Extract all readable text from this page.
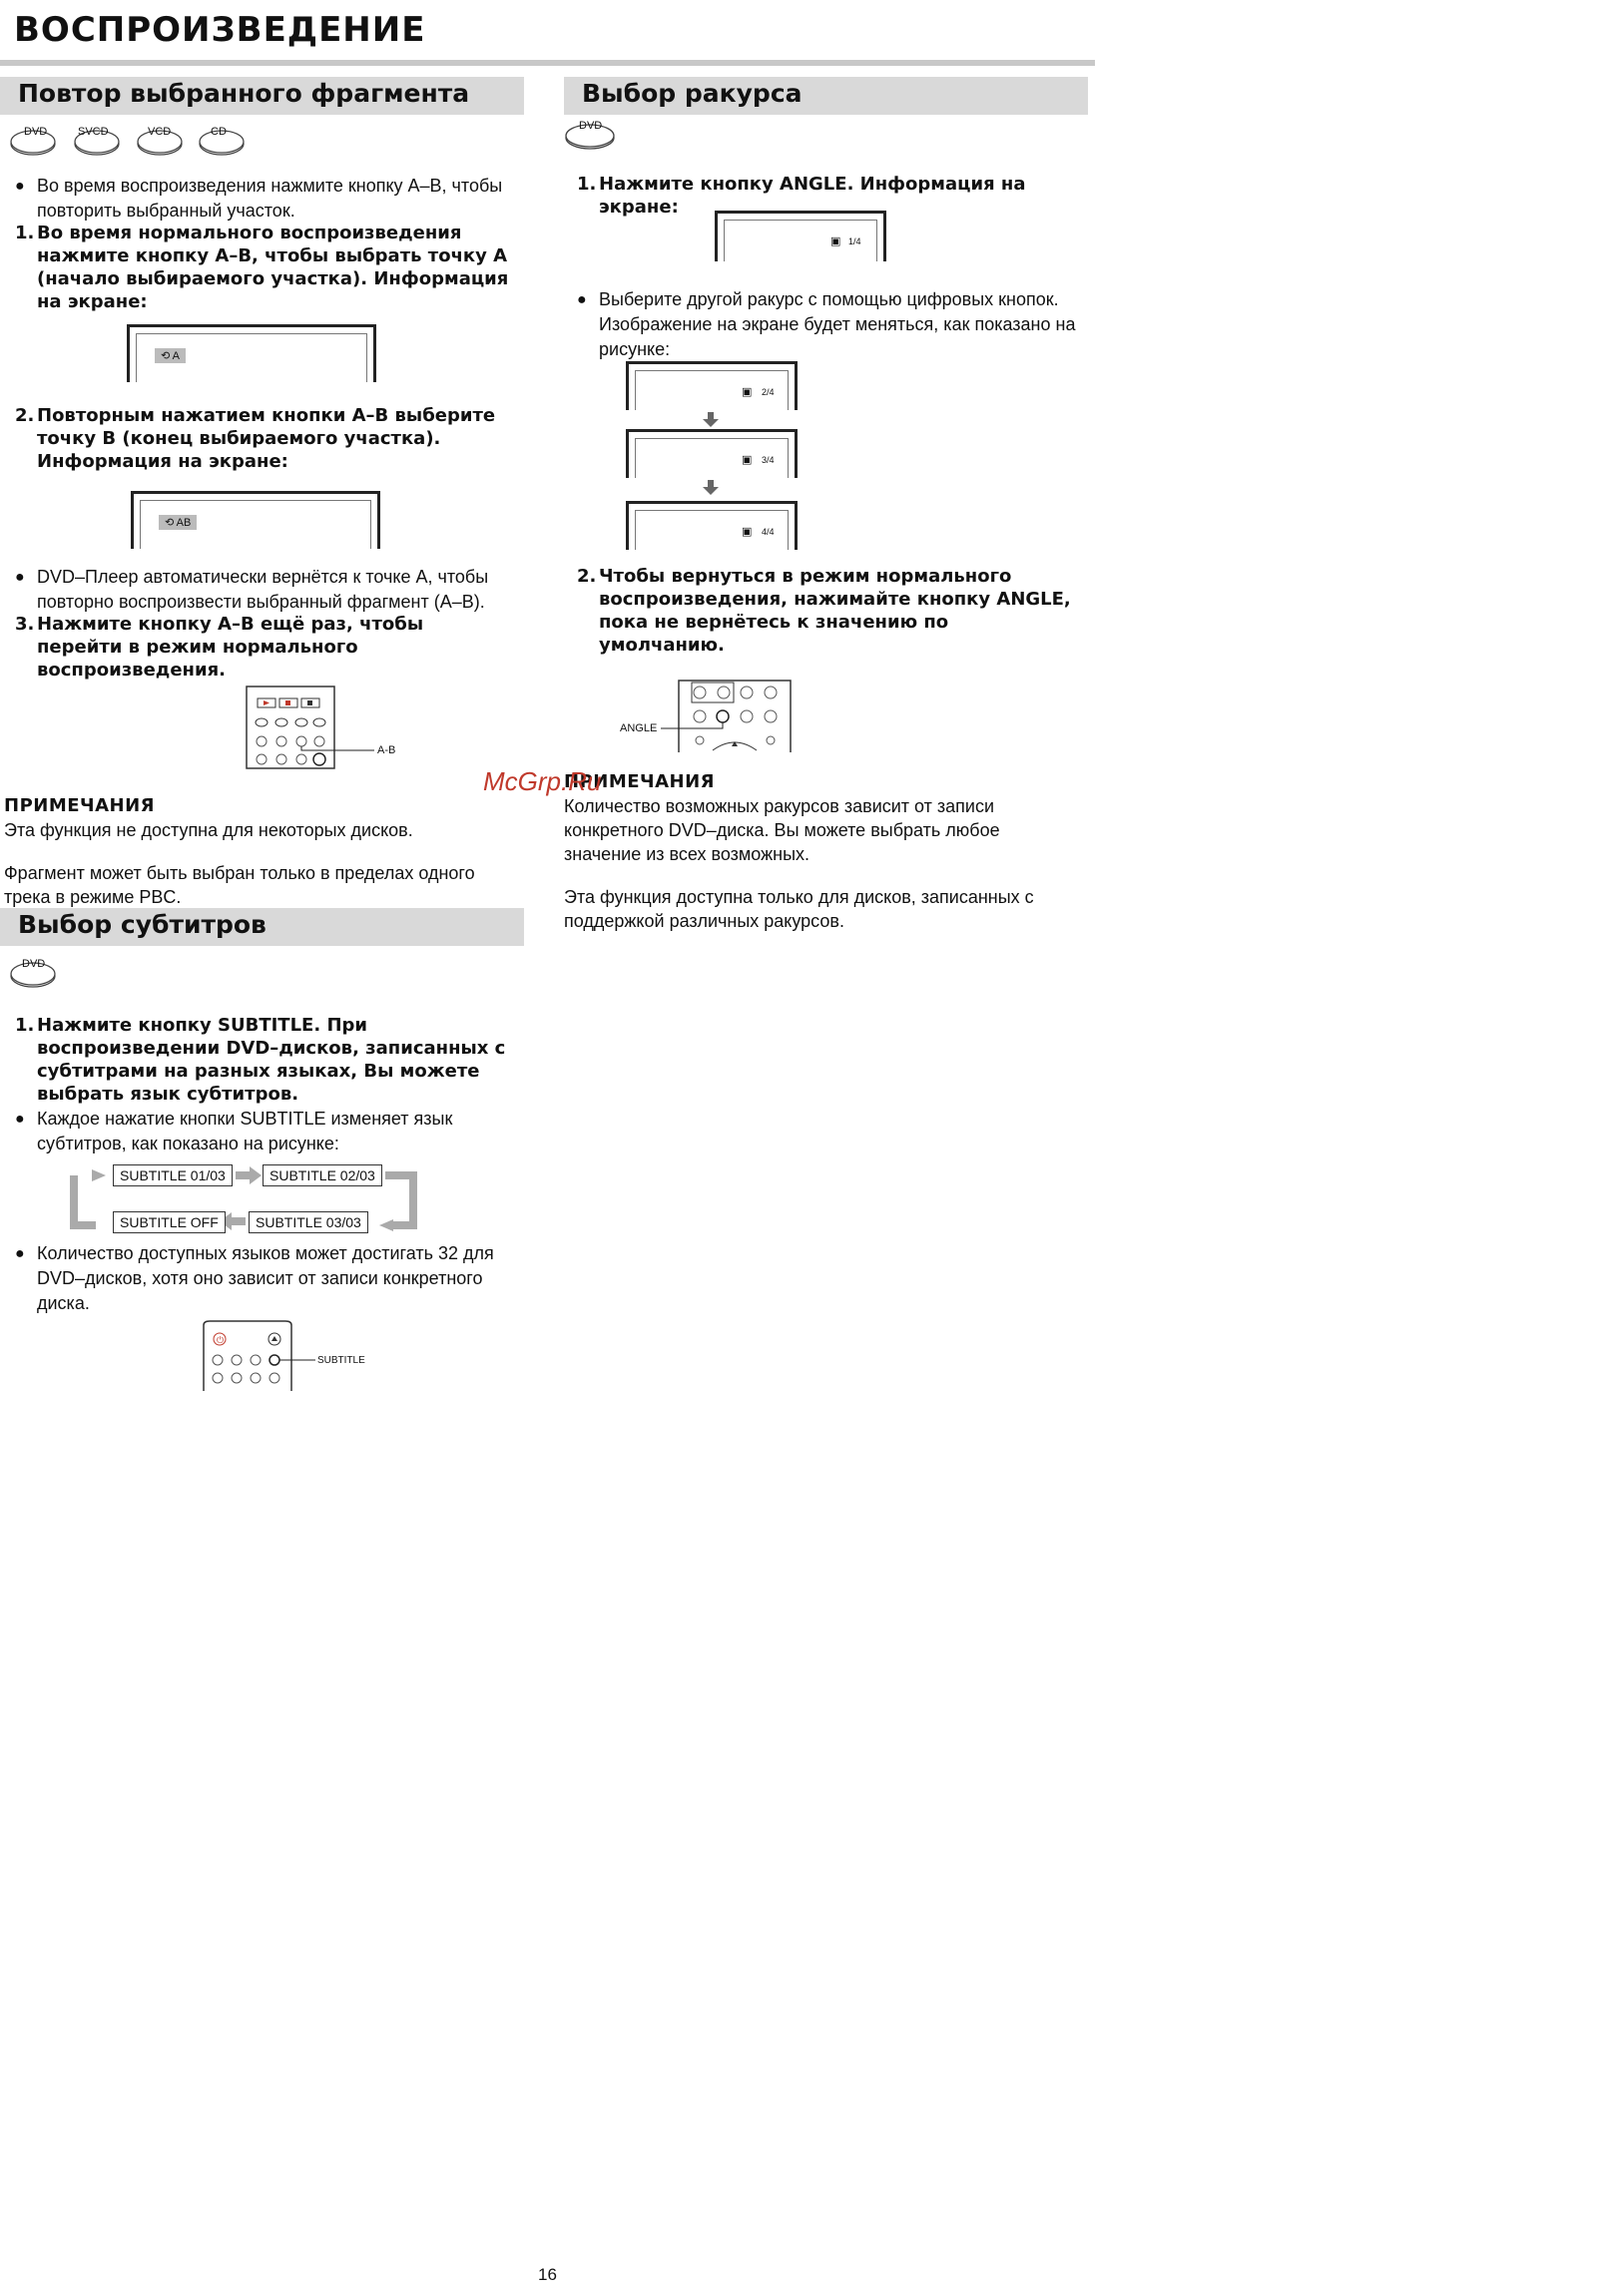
ВОСПРОИЗВЕДЕНИЕ
Повтор выбранного фрагмента
DVD	SVCD	VCD	CD
● Во время воспроизведения нажмите кнопку A–B, чтобы повторить выбранный участок.
1. Во время нормального воспроизведения нажмите кнопку A–B, чтобы выбрать точку A (начало выбираемого участка). Информация на экране:
⟲ A
2. Повторным нажатием кнопки A–B выберите точку B (конец выбираемого участка). Информация на экране:
⟲ AB
● DVD–Плеер автоматически вернётся к точке А, чтобы повторно воспроизвести выбранный фрагмент (А–В).
3. Нажмите кнопку A–B ещё раз, чтобы перейти в режим нормального воспроизведения.
A-B
ПРИМЕЧАНИЯ
Эта функция не доступна для некоторых дисков.
Фрагмент может быть выбран только в пределах одного трека в режиме PBC.
Выбор субтитров
DVD
1. Нажмите кнопку SUBTITLE. При воспроизведении DVD–дисков, записанных с субтитрами на разных языках, Вы можете выбрать язык субтитров.
● Каждое нажатие кнопки SUBTITLE изменяет язык субтитров, как показано на рисунке:
SUBTITLE 01/03	SUBTITLE 02/03
SUBTITLE 03/03
SUBTITLE OFF
● Количество доступных языков может достигать 32 для DVD–дисков, хотя оно зависит от записи конкретного диска.
⏻
SUBTITLE
Выбор ракурса
DVD
1. Нажмите кнопку ANGLE. Информация на экране:
▣ 1/4
● Выберите другой ракурс с помощью цифровых кнопок. Изображение на экране будет меняться, как показано на рисунке:
▣ 2/4
▣ 3/4
▣ 4/4
2. Чтобы вернуться в режим нормального воспроизведения, нажимайте кнопку ANGLE, пока не вернётесь к значению по умолчанию.
ANGLE
ПРИМЕЧАНИЯ
Количество возможных ракурсов зависит от записи конкретного DVD–диска. Вы можете выбрать любое значение из всех возможных.
Эта функция доступна только для дисков, записанных с поддержкой различных ракурсов.
McGrp.Ru
16
